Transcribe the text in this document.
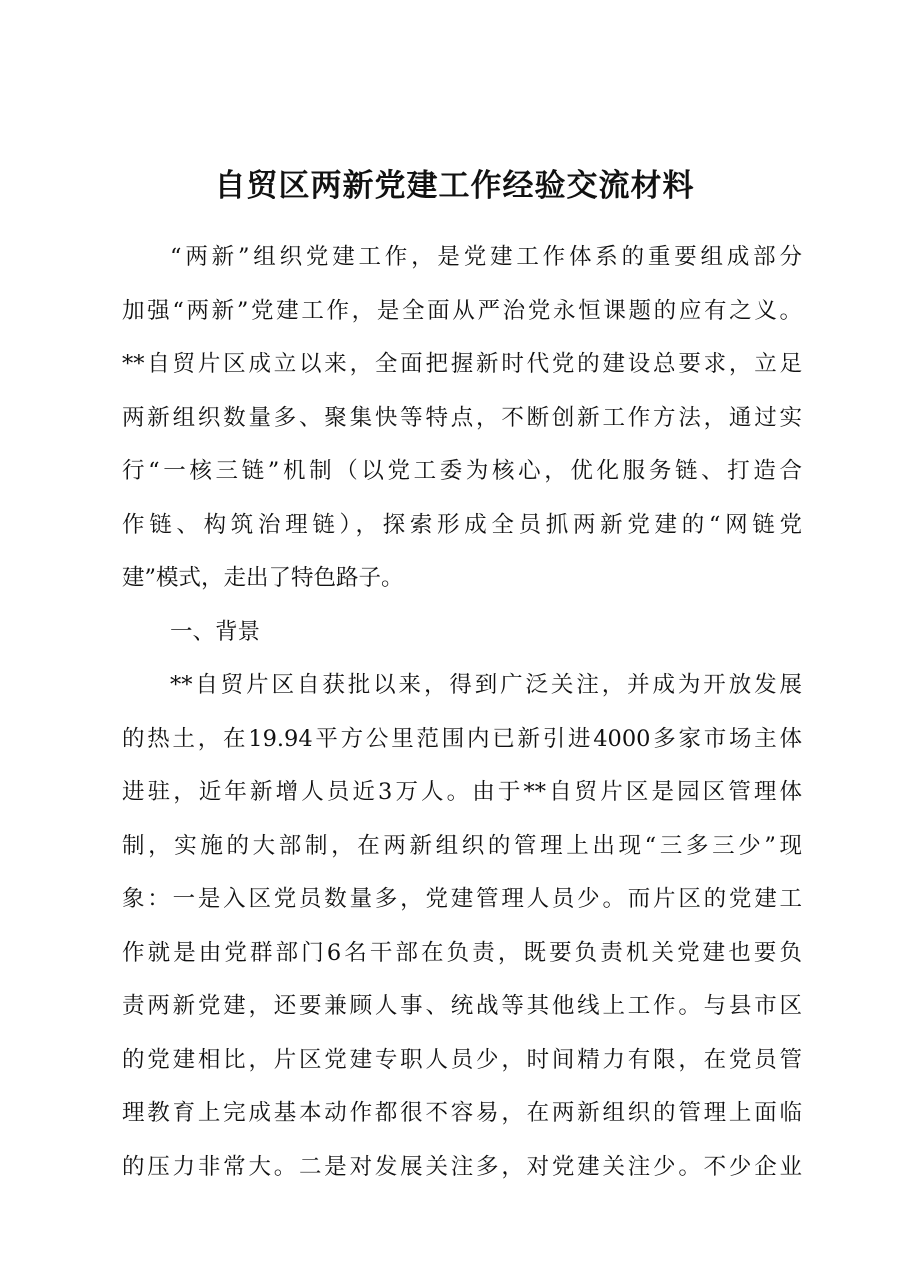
自贸区两新党建工作经验交流材料

“两新”组织党建工作，是党建工作体系的重要组成部分

加强“两新”党建工作，是全面从严治党永恒课题的应有之义。

**自贸片区成立以来，全面把握新时代党的建设总要求，立足

两新组织数量多、聚集快等特点，不断创新工作方法，通过实

行“一核三链”机制（以党工委为核心，优化服务链、打造合

作链、构筑治理链），探索形成全员抓两新党建的“网链党

建”模式，走出了特色路子。

一、背景

**自贸片区自获批以来，得到广泛关注，并成为开放发展

的热土，在19.94平方公里范围内已新引进4000多家市场主体

进驻，近年新增人员近3万人。由于**自贸片区是园区管理体

制，实施的大部制，在两新组织的管理上出现“三多三少”现

象：一是入区党员数量多，党建管理人员少。而片区的党建工

作就是由党群部门6名干部在负责，既要负责机关党建也要负

责两新党建，还要兼顾人事、统战等其他线上工作。与县市区

的党建相比，片区党建专职人员少，时间精力有限，在党员管

理教育上完成基本动作都很不容易，在两新组织的管理上面临

的压力非常大。二是对发展关注多，对党建关注少。不少企业
